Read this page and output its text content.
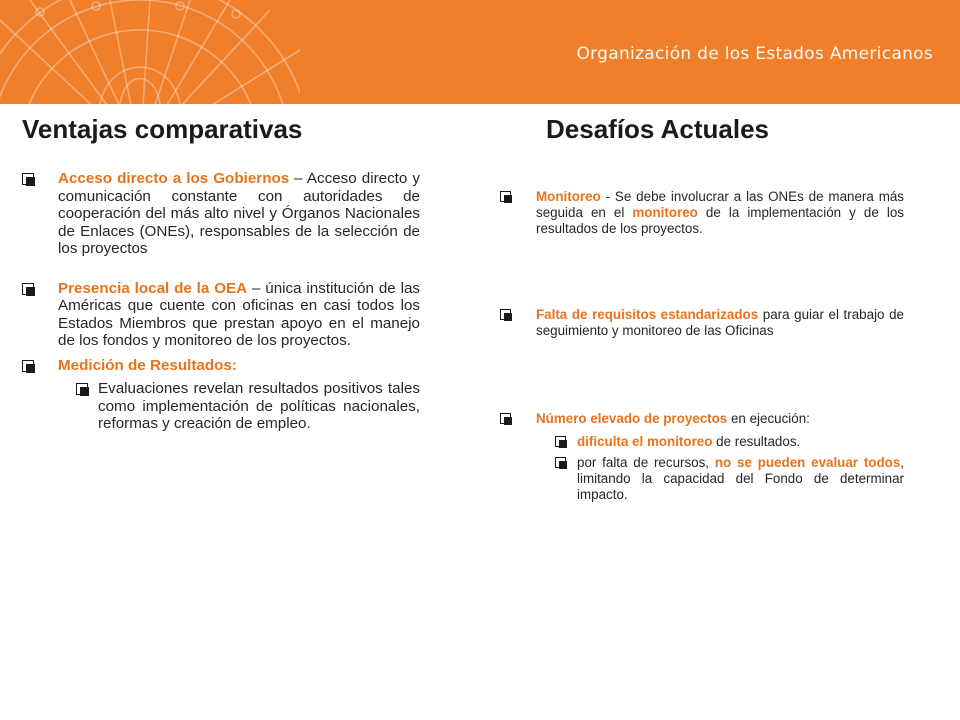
Organización de los Estados Americanos
Ventajas comparativas	Desafíos Actuales
Acceso directo a los Gobiernos – Acceso directo y comunicación constante con autoridades de cooperación del más alto nivel y Órganos Nacionales de Enlaces (ONEs), responsables de la selección de los proyectos
Presencia local de la OEA – única institución de las Américas que cuente con oficinas en casi todos los Estados Miembros que prestan apoyo en el manejo de los fondos y monitoreo de los proyectos.
Medición de Resultados:
Evaluaciones revelan resultados positivos tales como implementación de políticas nacionales, reformas y creación de empleo.
Monitoreo - Se debe involucrar a las ONEs de manera más seguida en el monitoreo de la implementación y de los resultados de los proyectos.
Falta de requisitos estandarizados para guiar el trabajo de seguimiento y monitoreo de las Oficinas
Número elevado de proyectos en ejecución:
dificulta el monitoreo de resultados.
por falta de recursos, no se pueden evaluar todos, limitando la capacidad del Fondo de determinar impacto.
